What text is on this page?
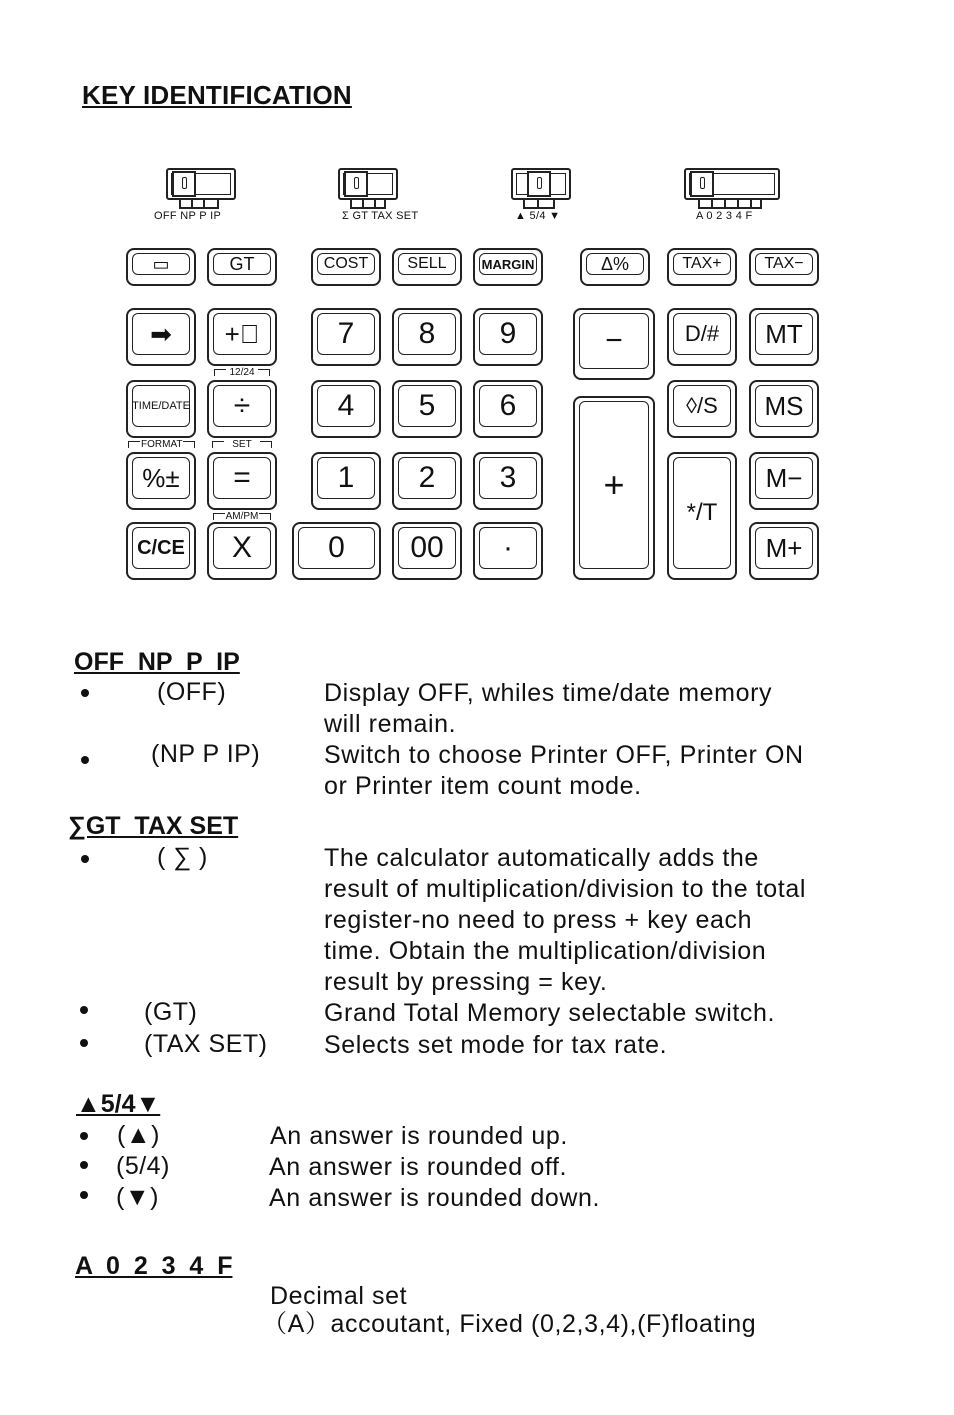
KEY IDENTIFICATION
OFF NP P IP	Σ GT TAX SET	▲ 5/4 ▼	A 0 2 3 4 F
▭	GT	COST	SELL	MARGIN	Δ%	TAX+	TAX−
➡	+⃝	7	8	9	−	D/#	MT
12/24
TIME/DATE	÷	4	5	6	◊/S	MS
FORMAT	SET
+
%±	=	1	2	3
*/T
M−
AM/PM
C/CE	X	0	00	·	M+
OFF  NP  P  IP
(OFF)	Display OFF, whiles time/date memory
will remain.
(NP P IP)	Switch to choose Printer OFF, Printer ON
or Printer item count mode.
∑GT  TAX SET
( ∑ )	The calculator automatically adds the
result of multiplication/division to the total
register-no need to press + key each
time. Obtain the multiplication/division
result by pressing = key.
(GT)	Grand Total Memory selectable switch.
(TAX SET) Selects set mode for tax rate.
▲5/4▼
(▲)	An answer is rounded up.
(5/4)	An answer is rounded off.
(▼)	An answer is rounded down.
A  0  2  3  4  F
Decimal set
（A）accoutant, Fixed (0,2,3,4),(F)floating
